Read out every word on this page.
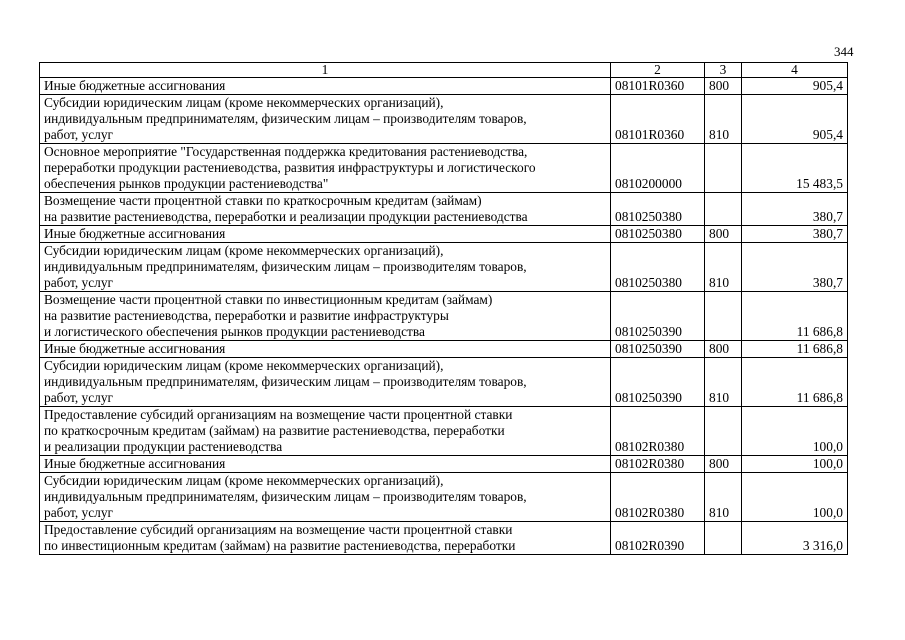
344
1	2	3	4
Иные бюджетные ассигнования	08101R0360	800	905,4
Субсидии юридическим лицам (кроме некоммерческих организаций),
индивидуальным предпринимателям, физическим лицам – производителям товаров,
работ, услуг	08101R0360	810	905,4
Основное мероприятие "Государственная поддержка кредитования растениеводства,
переработки продукции растениеводства, развития инфраструктуры и логистического
обеспечения рынков продукции растениеводства"	0810200000		15 483,5
Возмещение части процентной ставки по краткосрочным кредитам (займам)
на развитие растениеводства, переработки и реализации продукции растениеводства	0810250380		380,7
Иные бюджетные ассигнования	0810250380	800	380,7
Субсидии юридическим лицам (кроме некоммерческих организаций),
индивидуальным предпринимателям, физическим лицам – производителям товаров,
работ, услуг	0810250380	810	380,7
Возмещение части процентной ставки по инвестиционным кредитам (займам)
на развитие растениеводства, переработки и развитие инфраструктуры
и логистического обеспечения рынков продукции растениеводства	0810250390		11 686,8
Иные бюджетные ассигнования	0810250390	800	11 686,8
Субсидии юридическим лицам (кроме некоммерческих организаций),
индивидуальным предпринимателям, физическим лицам – производителям товаров,
работ, услуг	0810250390	810	11 686,8
Предоставление субсидий организациям на возмещение части процентной ставки
по краткосрочным кредитам (займам) на развитие растениеводства, переработки
и реализации продукции растениеводства	08102R0380		100,0
Иные бюджетные ассигнования	08102R0380	800	100,0
Субсидии юридическим лицам (кроме некоммерческих организаций),
индивидуальным предпринимателям, физическим лицам – производителям товаров,
работ, услуг	08102R0380	810	100,0
Предоставление субсидий организациям на возмещение части процентной ставки
по инвестиционным кредитам (займам) на развитие растениеводства, переработки	08102R0390		3 316,0
